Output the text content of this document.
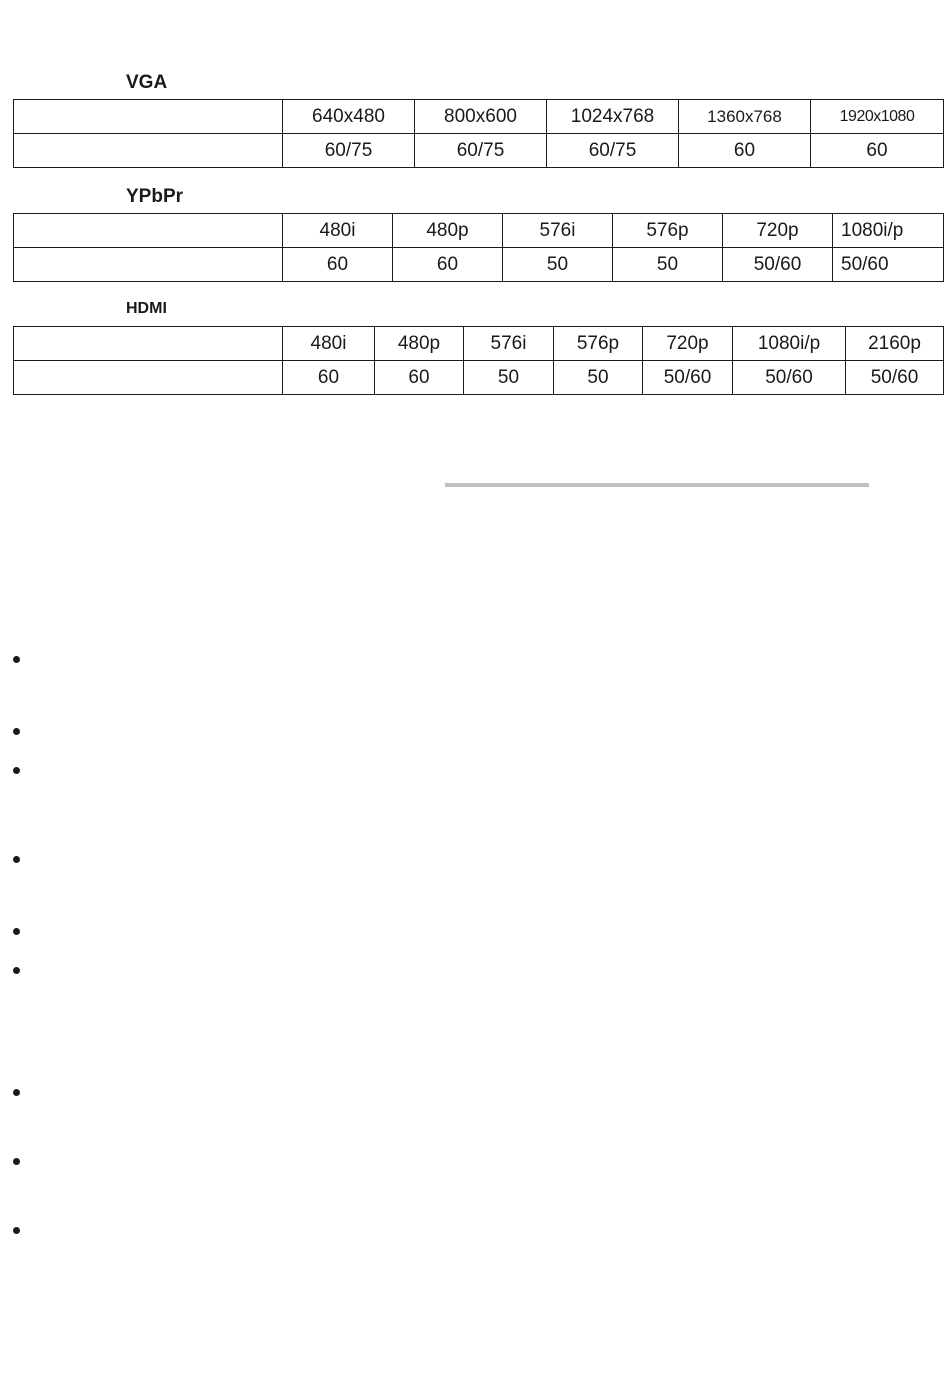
VGA
	640x480	800x600	1024x768	1360x768	1920x1080
	60/75	60/75	60/75	60	60
YPbPr
	480i	480p	576i	576p	720p	1080i/p
	60	60	50	50	50/60	50/60
HDMI
	480i	480p	576i	576p	720p	1080i/p	2160p
	60	60	50	50	50/60	50/60	50/60
